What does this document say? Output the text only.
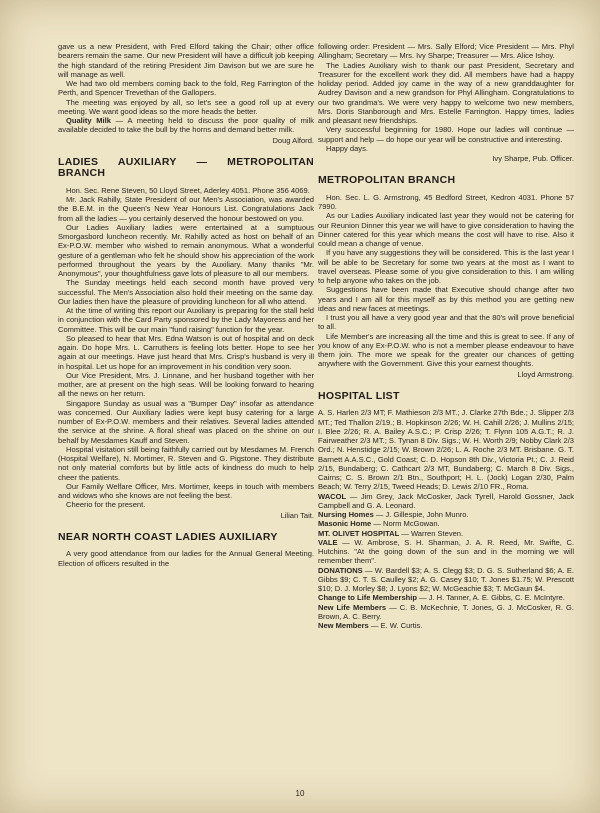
gave us a new President, with Fred Elford taking the Chair; other office bearers remain the same. Our new President will have a difficult job keeping the high standard of the retiring President Jim Davison but we are sure he will manage as well.

We had two old members coming back to the fold, Reg Farrington of the Perth, and Spencer Trevethan of the Gallopers.

The meeting was enjoyed by all, so let's see a good roll up at every meeting. We want good ideas so the more heads the better.

Quality Milk — A meeting held to discuss the poor quality of milk available decided to take the bull by the horns and demand better milk.

Doug Alford.

LADIES AUXILIARY — METROPOLITAN BRANCH

Hon. Sec. Rene Steven, 50 Lloyd Street, Aderley 4051. Phone 356 4069.

Mr. Jack Rahilly, State President of our Men's Association, was awarded the B.E.M. in the Queen's New Year Honours List. Congratulations Jack from all the ladies — you certainly deserved the honour bestowed on you.

Our Ladies Auxiliary ladies were entertained at a sumptuous Smorgasbord luncheon recently. Mr. Rahilly acted as host on behalf of an Ex-P.O.W. member who wished to remain anonymous. What a wonderful gesture of a gentleman who felt he should show his appreciation of the work performed throughout the years by the Auxiliary. Many thanks "Mr. Anonymous", your thoughtfulness gave lots of pleasure to all our members.

The Sunday meetings held each second month have proved very successful. The Men's Association also hold their meeting on the same day. Our ladies then have the pleasure of providing luncheon for all who attend.

At the time of writing this report our Auxiliary is preparing for the stall held in conjunction with the Card Party sponsored by the Lady Mayoress and her Committee. This will be our main "fund raising" function for the year.

So pleased to hear that Mrs. Edna Watson is out of hospital and on deck again. Do hope Mrs. L. Carruthers is feeling lots better. Hope to see her again at our meetings. Have just heard that Mrs. Crisp's husband is very ill in hospital. Let us hope for an improvement in his condition very soon.

Our Vice President, Mrs. J. Linnane, and her husband together with her mother, are at present on the high seas. Will be looking forward to hearing all the news on her return.

Singapore Sunday as usual was a "Bumper Day" insofar as attendance was concerned. Our Auxiliary ladies were kept busy catering for a large number of Ex-P.O.W. members and their relatives. Several ladies attended the service at the shrine. A floral sheaf was placed on the shrine on our behalf by Mesdames Kauff and Steven.

Hospital visitation still being faithfully carried out by Mesdames M. French (Hospital Welfare), N. Mortimer, R. Steven and G. Pigstone. They distribute not only material comforts but by little acts of kindness do much to help cheer the patients.

Our Family Welfare Officer, Mrs. Mortimer, keeps in touch with members and widows who she knows are not feeling the best.

Cheerio for the present.

Lilian Tait.

NEAR NORTH COAST LADIES AUXILIARY

A very good attendance from our ladies for the Annual General Meeting. Election of officers resulted in the

following order: President — Mrs. Sally Elford; Vice President — Mrs. Phyl Allingham; Secretary — Mrs. Ivy Sharpe; Treasurer — Mrs. Alice Ishoy.

The Ladies Auxiliary wish to thank our past President, Secretary and Treasurer for the excellent work they did. All members have had a happy holiday period. Added joy came in the way of a new granddaughter for Audrey Davison and a new grandson for Phyl Allingham. Congratulations to our two grandma's. We were very happy to welcome two new members, Mrs. Doris Stanborough and Mrs. Estelle Farrington. Happy times, ladies and pleasant new friendships.

Very successful beginning for 1980. Hope our ladies will continue — support and help — do hope our year will be constructive and interesting.

Happy days.

Ivy Sharpe, Pub. Officer.

METROPOLITAN BRANCH

Hon. Sec. L. G. Armstrong, 45 Bedford Street, Kedron 4031. Phone 57 7990.

As our Ladies Auxiliary indicated last year they would not be catering for our Reunion Dinner this year we will have to give consideration to having the Dinner catered for this year which means the cost will have to rise. Also it could mean a change of venue.

If you have any suggestions they will be considered. This is the last year I will be able to be Secretary for some two years at the most as I want to travel overseas. Please some of you give consideration to this. I am willing to help anyone who takes on the job.

Suggestions have been made that Executive should change after two years and I am all for this myself as by this method you are getting new ideas and new faces at meetings.

I trust you all have a very good year and that the 80's will prove beneficial to all.

Life Member's are increasing all the time and this is great to see. If any of you know of any Ex-P.O.W. who is not a member please endeavour to have them join. The more we speak for the greater our chances of getting anywhere with the Government. Give this your earnest thoughts.

Lloyd Armstrong.

HOSPITAL LIST

A. S. Harlen 2/3 MT; F. Mathieson 2/3 MT.; J. Clarke 27th Bde.; J. Slipper 2/3 MT.; Ted Thallon 2/19.; B. Hopkinson 2/26; W. H. Cahill 2/26; J. Mullins 2/15; I. Blee 2/26; R. A. Bailey A.S.C.; P. Crisp 2/26; T. Flynn 105 A.G.T.; R. J. Fairweather 2/3 MT.; S. Tynan 8 Div. Sigs.; W. H. Worth 2/9; Nobby Clark 2/3 Ord.; N. Henstidge 2/15; W. Brown 2/26; L. A. Roche 2/3 MT. Brisbane. G. T. Barnett A.A.S.C., Gold Coast; C. D. Hopson 8th Div., Victoria Pt.; C. J. Reid 2/15, Bundaberg; C. Cathcart 2/3 MT, Bundaberg; C. March 8 Div. Sigs., Cairns; C. S. Brown 2/1 Btn., Southport; H. L. (Jock) Logan 2/30, Palm Beach; W. Terry 2/15, Tweed Heads; D. Lewis 2/10 FR., Roma.

WACOL — Jim Grey, Jack McCosker, Jack Tyrell, Harold Gossner, Jack Campbell and G. A. Leonard.

Nursing Homes — J. Gillespie, John Munro.

Masonic Home — Norm McGowan.

MT. OLIVET HOSPITAL — Warren Steven.

VALE — W. Ambrose, S. H. Sharman, J. A. R. Reed, Mr. Swifte, C. Hutchins. "At the going down of the sun and in the morning we will remember them".

DONATIONS — W. Bardell $3; A. S. Clegg $3; D. G. S. Sutherland $6; A. E. Gibbs $9; C. T. S. Caulley $2; A. G. Casey $10; T. Jones $1.75; W. Prescott $10; D. J. Morley $8; J. Lyons $2; W. McGeachie $3; T. McGaun $4.

Change to Life Membership — J. H. Tanner, A. E. Gibbs, C. E. McIntyre.

New Life Members — C. B. McKechnie, T. Jones, G. J. McCosker, R. G. Brown, A. C. Berry.

New Members — E. W. Curtis.

10
